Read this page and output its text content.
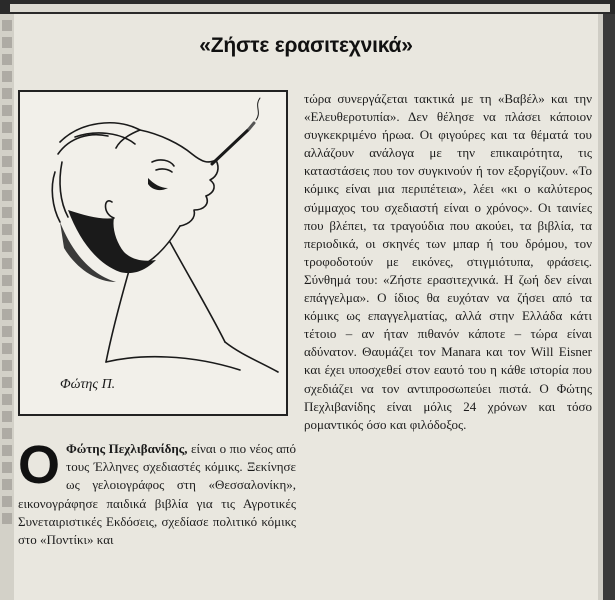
«Ζήστε ερασιτεχνικά»
Φώτης Π.
Ο Φώτης Πεχλιβανίδης, είναι ο πιο νέος από τους Έλληνες σχεδιαστές κόμικς. Ξεκίνησε ως γελοιογράφος στη «Θεσσαλονίκη», εικονογράφησε παιδικά βιβλία για τις Αγροτικές Συνεταιριστικές Εκδόσεις, σχεδίασε πολιτικό κόμικς στο «Ποντίκι» και
τώρα συνεργάζεται τακτικά με τη «Βαβέλ» και την «Ελευθεροτυπία». Δεν θέλησε να πλάσει κάποιον συγκεκριμένο ήρωα. Οι φιγούρες και τα θέματά του αλλάζουν ανάλογα με την επικαιρότητα, τις καταστάσεις που τον συγκινούν ή τον εξοργίζουν. «Το κόμικς είναι μια περιπέτεια», λέει «κι ο καλύτερος σύμμαχος του σχεδιαστή είναι ο χρόνος». Οι ταινίες που βλέπει, τα τραγούδια που ακούει, τα βιβλία, τα περιοδικά, οι σκηνές των μπαρ ή του δρόμου, τον τροφοδοτούν με εικόνες, στιγμιότυπα, φράσεις. Σύνθημά του: «Ζήστε ερασιτεχνικά. Η ζωή δεν είναι επάγγελμα». Ο ίδιος θα ευχόταν να ζήσει από τα κόμικς ως επαγγελματίας, αλλά στην Ελλάδα κάτι τέτοιο – αν ήταν πιθανόν κάποτε – τώρα είναι αδύνατον. Θαυμάζει τον Manara και τον Will Eisner και έχει υποσχεθεί στον εαυτό του η κάθε ιστορία που σχεδιάζει να τον αντιπροσωπεύει πιστά. Ο Φώτης Πεχλιβανίδης είναι μόλις 24 χρόνων και τόσο ρομαντικός όσο και φιλόδοξος.
